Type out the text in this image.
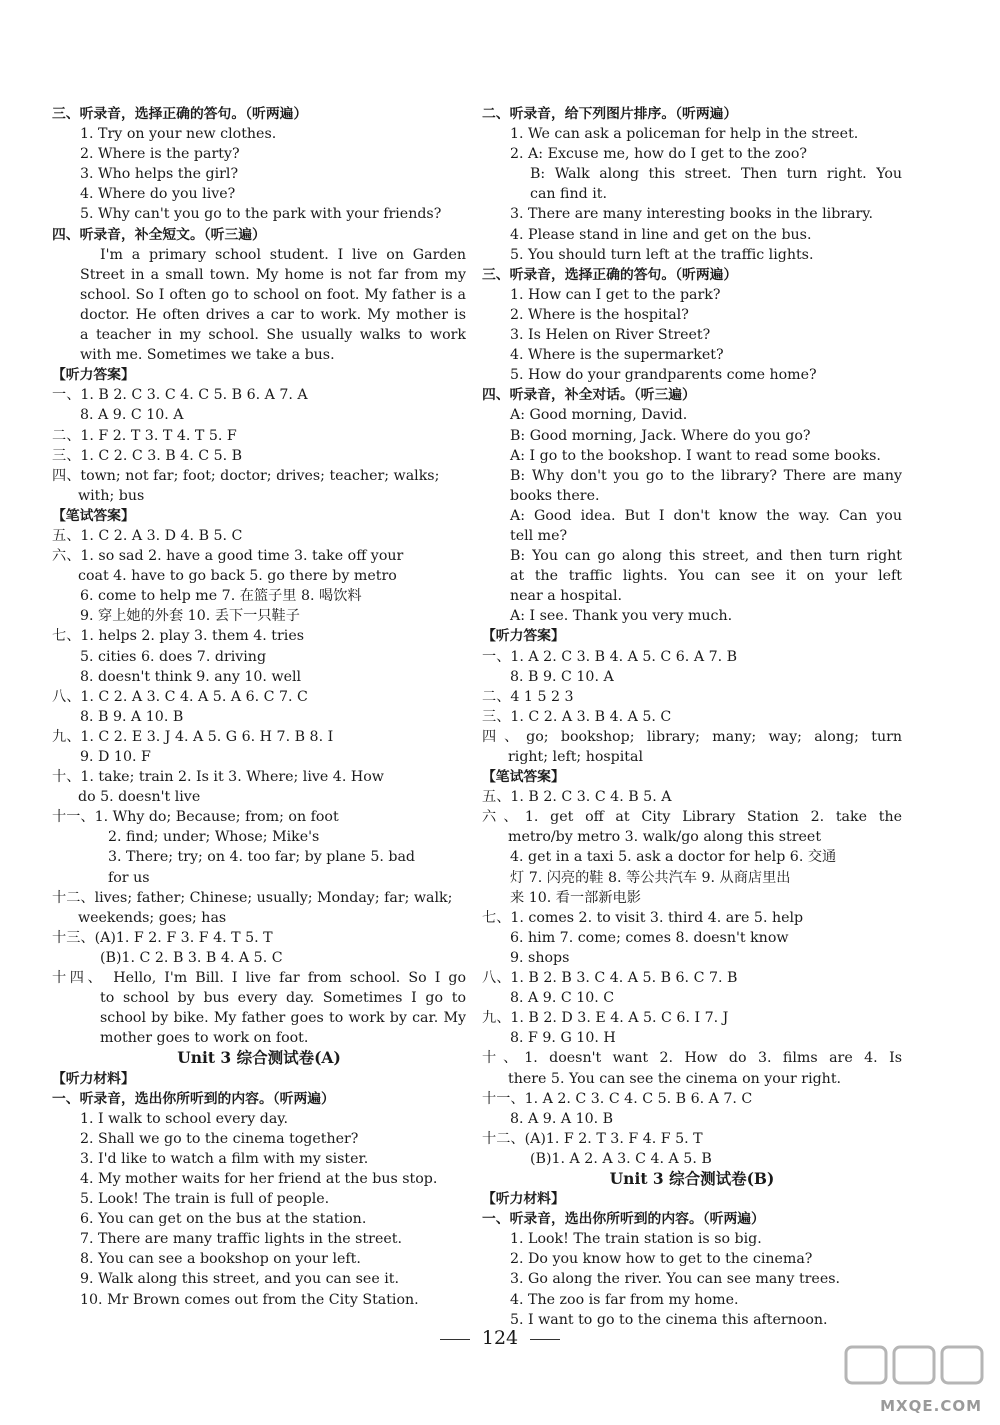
三、听录音，选择正确的答句。（听两遍）
1. Try on your new clothes.
2. Where is the party?
3. Who helps the girl?
4. Where do you live?
5. Why can't you go to the park with your friends?
四、听录音，补全短文。（听三遍）
I'm a primary school student. I live on Garden
Street in a small town. My home is not far from my
school. So I often go to school on foot. My father is a
doctor. He often drives a car to work. My mother is
a teacher in my school. She usually walks to work
with me. Sometimes we take a bus.
【听力答案】
一、1. B 2. C 3. C 4. C 5. B 6. A 7. A
8. A 9. C 10. A
二、1. F 2. T 3. T 4. T 5. F
三、1. C 2. C 3. B 4. C 5. B
四、town; not far; foot; doctor; drives; teacher; walks;
with; bus
【笔试答案】
五、1. C 2. A 3. D 4. B 5. C
六、1. so sad 2. have a good time 3. take off your
coat 4. have to go back 5. go there by metro
6. come to help me 7. 在篮子里 8. 喝饮料
9. 穿上她的外套 10. 丢下一只鞋子
七、1. helps 2. play 3. them 4. tries
5. cities 6. does 7. driving
8. doesn't think 9. any 10. well
八、1. C 2. A 3. C 4. A 5. A 6. C 7. C
8. B 9. A 10. B
九、1. C 2. E 3. J 4. A 5. G 6. H 7. B 8. I
9. D 10. F
十、1. take; train 2. Is it 3. Where; live 4. How
do 5. doesn't live
十一、1. Why do; Because; from; on foot
2. find; under; Whose; Mike's
3. There; try; on 4. too far; by plane 5. bad
for us
十二、lives; father; Chinese; usually; Monday; far; walk;
weekends; goes; has
十三、(A)1. F 2. F 3. F 4. T 5. T
(B)1. C 2. B 3. B 4. A 5. C
十四、 Hello, I'm Bill. I live far from school. So I go
to school by bus every day. Sometimes I go to
school by bike. My father goes to work by car. My
mother goes to work on foot.
Unit 3 综合测试卷(A)
【听力材料】
一、听录音，选出你所听到的内容。（听两遍）
1. I walk to school every day.
2. Shall we go to the cinema together?
3. I'd like to watch a film with my sister.
4. My mother waits for her friend at the bus stop.
5. Look! The train is full of people.
6. You can get on the bus at the station.
7. There are many traffic lights in the street.
8. You can see a bookshop on your left.
9. Walk along this street, and you can see it.
10. Mr Brown comes out from the City Station.
二、听录音，给下列图片排序。（听两遍）
1. We can ask a policeman for help in the street.
2. A: Excuse me, how do I get to the zoo?
B: Walk along this street. Then turn right. You
can find it.
3. There are many interesting books in the library.
4. Please stand in line and get on the bus.
5. You should turn left at the traffic lights.
三、听录音，选择正确的答句。（听两遍）
1. How can I get to the park?
2. Where is the hospital?
3. Is Helen on River Street?
4. Where is the supermarket?
5. How do your grandparents come home?
四、听录音，补全对话。（听三遍）
A: Good morning, David.
B: Good morning, Jack. Where do you go?
A: I go to the bookshop. I want to read some books.
B: Why don't you go to the library? There are many
books there.
A: Good idea. But I don't know the way. Can you
tell me?
B: You can go along this street, and then turn right
at the traffic lights. You can see it on your left
near a hospital.
A: I see. Thank you very much.
【听力答案】
一、1. A 2. C 3. B 4. A 5. C 6. A 7. B
8. B 9. C 10. A
二、4 1 5 2 3
三、1. C 2. A 3. B 4. A 5. C
四、go; bookshop; library; many; way; along; turn
right; left; hospital
【笔试答案】
五、1. B 2. C 3. C 4. B 5. A
六、1. get off at City Library Station 2. take the
metro/by metro 3. walk/go along this street
4. get in a taxi 5. ask a doctor for help 6. 交通
灯 7. 闪亮的鞋 8. 等公共汽车 9. 从商店里出
来 10. 看一部新电影
七、1. comes 2. to visit 3. third 4. are 5. help
6. him 7. come; comes 8. doesn't know
9. shops
八、1. B 2. B 3. C 4. A 5. B 6. C 7. B
8. A 9. C 10. C
九、1. B 2. D 3. E 4. A 5. C 6. I 7. J
8. F 9. G 10. H
十、1. doesn't want 2. How do 3. films are 4. Is
there 5. You can see the cinema on your right.
十一、1. A 2. C 3. C 4. C 5. B 6. A 7. C
8. A 9. A 10. B
十二、(A)1. F 2. T 3. F 4. F 5. T
(B)1. A 2. A 3. C 4. A 5. B
Unit 3 综合测试卷(B)
【听力材料】
一、听录音，选出你所听到的内容。（听两遍）
1. Look! The train station is so big.
2. Do you know how to get to the cinema?
3. Go along the river. You can see many trees.
4. The zoo is far from my home.
5. I want to go to the cinema this afternoon.
124
MXQE.COM
